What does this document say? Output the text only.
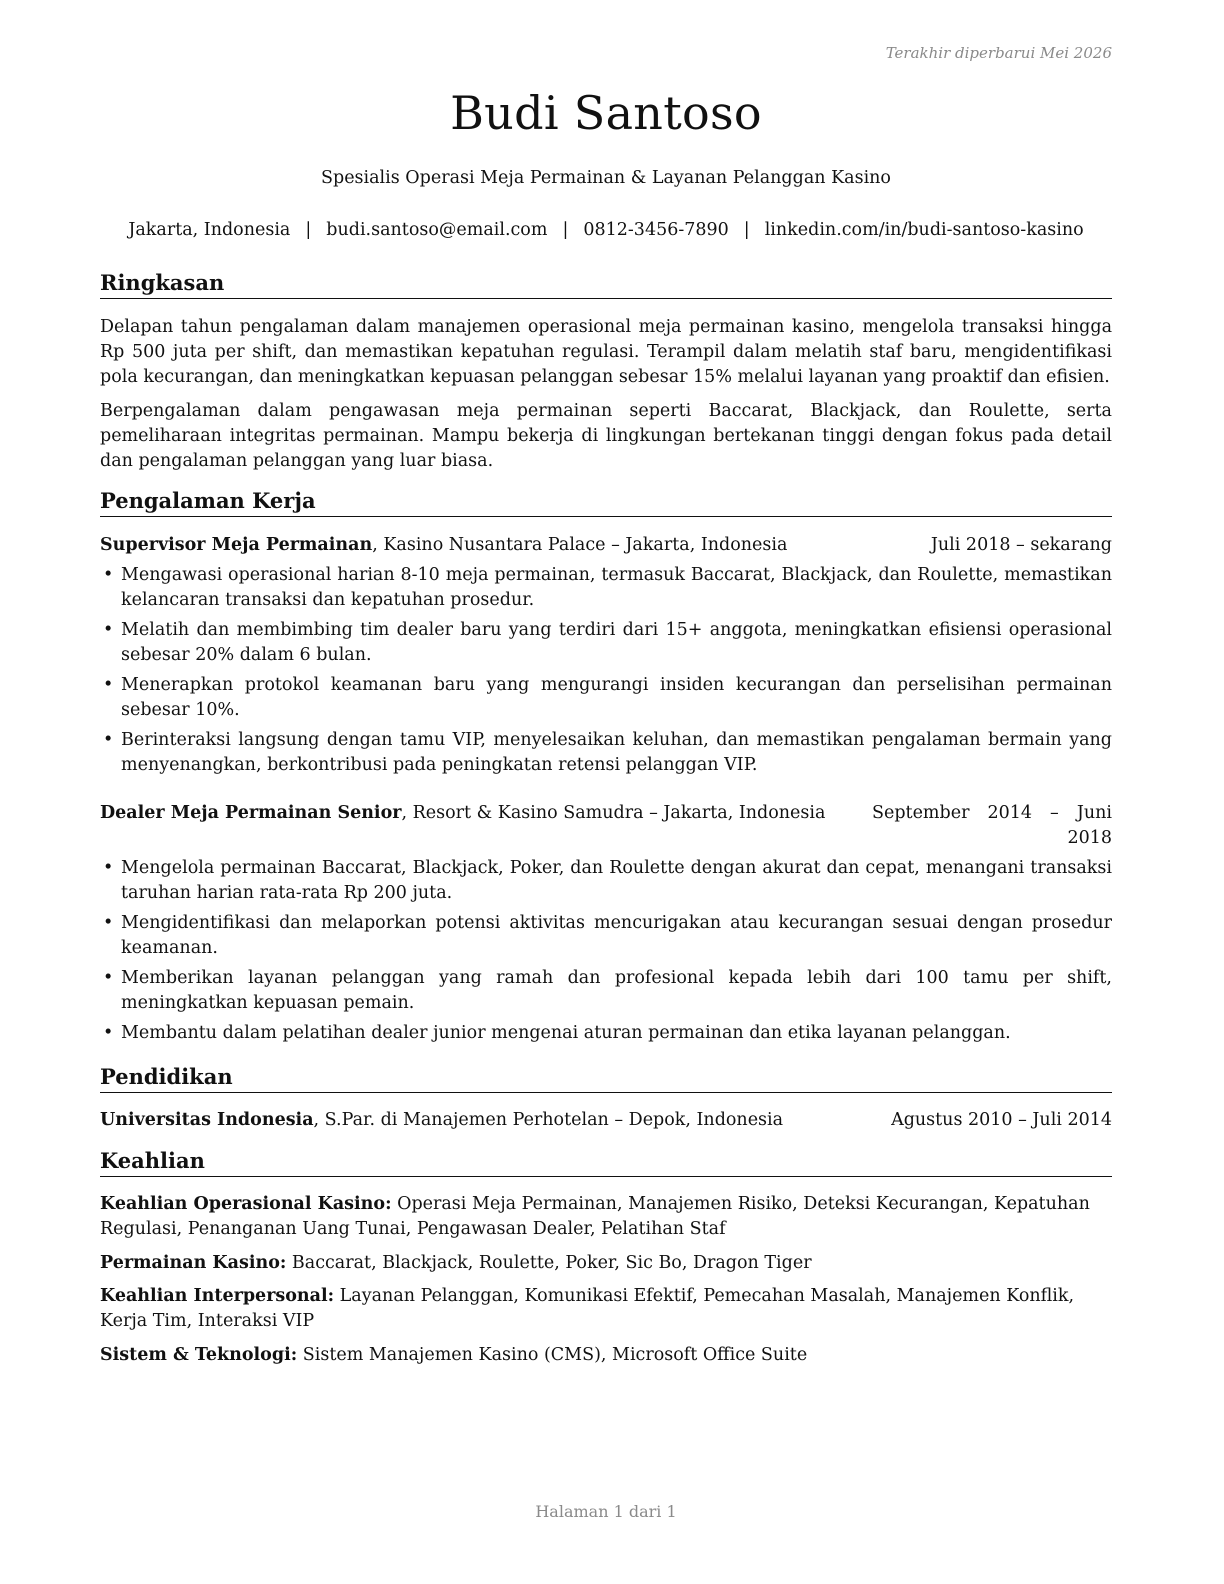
Terakhir diperbarui Mei 2026
Budi Santoso
Spesialis Operasi Meja Permainan & Layanan Pelanggan Kasino
Jakarta, Indonesia | budi.santoso@email.com | 0812-3456-7890 | linkedin.com/in/budi-santoso-kasino
Ringkasan

Delapan tahun pengalaman dalam manajemen operasional meja permainan kasino, mengelola transaksi hingga Rp 500 juta per shift, dan memastikan kepatuhan regulasi. Terampil dalam melatih staf baru, mengidentifikasi pola kecurangan, dan meningkatkan kepuasan pelanggan sebesar 15% melalui layanan yang proaktif dan efisien.

Berpengalaman dalam pengawasan meja permainan seperti Baccarat, Blackjack, dan Roulette, serta pemeliharaan integritas permainan. Mampu bekerja di lingkungan bertekanan tinggi dengan fokus pada detail dan pengalaman pelanggan yang luar biasa.

Pengalaman Kerja
Supervisor Meja Permainan, Kasino Nusantara Palace – Jakarta, Indonesia	Juli 2018 – sekarang
• Mengawasi operasional harian 8-10 meja permainan, termasuk Baccarat, Blackjack, dan Roulette, memastikan kelancaran transaksi dan kepatuhan prosedur.
• Melatih dan membimbing tim dealer baru yang terdiri dari 15+ anggota, meningkatkan efisiensi operasional sebesar 20% dalam 6 bulan.
• Menerapkan protokol keamanan baru yang mengurangi insiden kecurangan dan perselisihan permainan sebesar 10%.
• Berinteraksi langsung dengan tamu VIP, menyelesaikan keluhan, dan memastikan pengalaman bermain yang menyenangkan, berkontribusi pada peningkatan retensi pelanggan VIP.
Dealer Meja Permainan Senior, Resort & Kasino Samudra – Jakarta, Indonesia	September 2014 – Juni 2018
• Mengelola permainan Baccarat, Blackjack, Poker, dan Roulette dengan akurat dan cepat, menangani transaksi taruhan harian rata-rata Rp 200 juta.
• Mengidentifikasi dan melaporkan potensi aktivitas mencurigakan atau kecurangan sesuai dengan prosedur keamanan.
• Memberikan layanan pelanggan yang ramah dan profesional kepada lebih dari 100 tamu per shift, meningkatkan kepuasan pemain.
• Membantu dalam pelatihan dealer junior mengenai aturan permainan dan etika layanan pelanggan.
Pendidikan
Universitas Indonesia, S.Par. di Manajemen Perhotelan – Depok, Indonesia	Agustus 2010 – Juli 2014
Keahlian
Keahlian Operasional Kasino: Operasi Meja Permainan, Manajemen Risiko, Deteksi Kecurangan, Kepatuhan Regulasi, Penanganan Uang Tunai, Pengawasan Dealer, Pelatihan Staf
Permainan Kasino: Baccarat, Blackjack, Roulette, Poker, Sic Bo, Dragon Tiger
Keahlian Interpersonal: Layanan Pelanggan, Komunikasi Efektif, Pemecahan Masalah, Manajemen Konflik, Kerja Tim, Interaksi VIP
Sistem & Teknologi: Sistem Manajemen Kasino (CMS), Microsoft Office Suite
Halaman 1 dari 1
